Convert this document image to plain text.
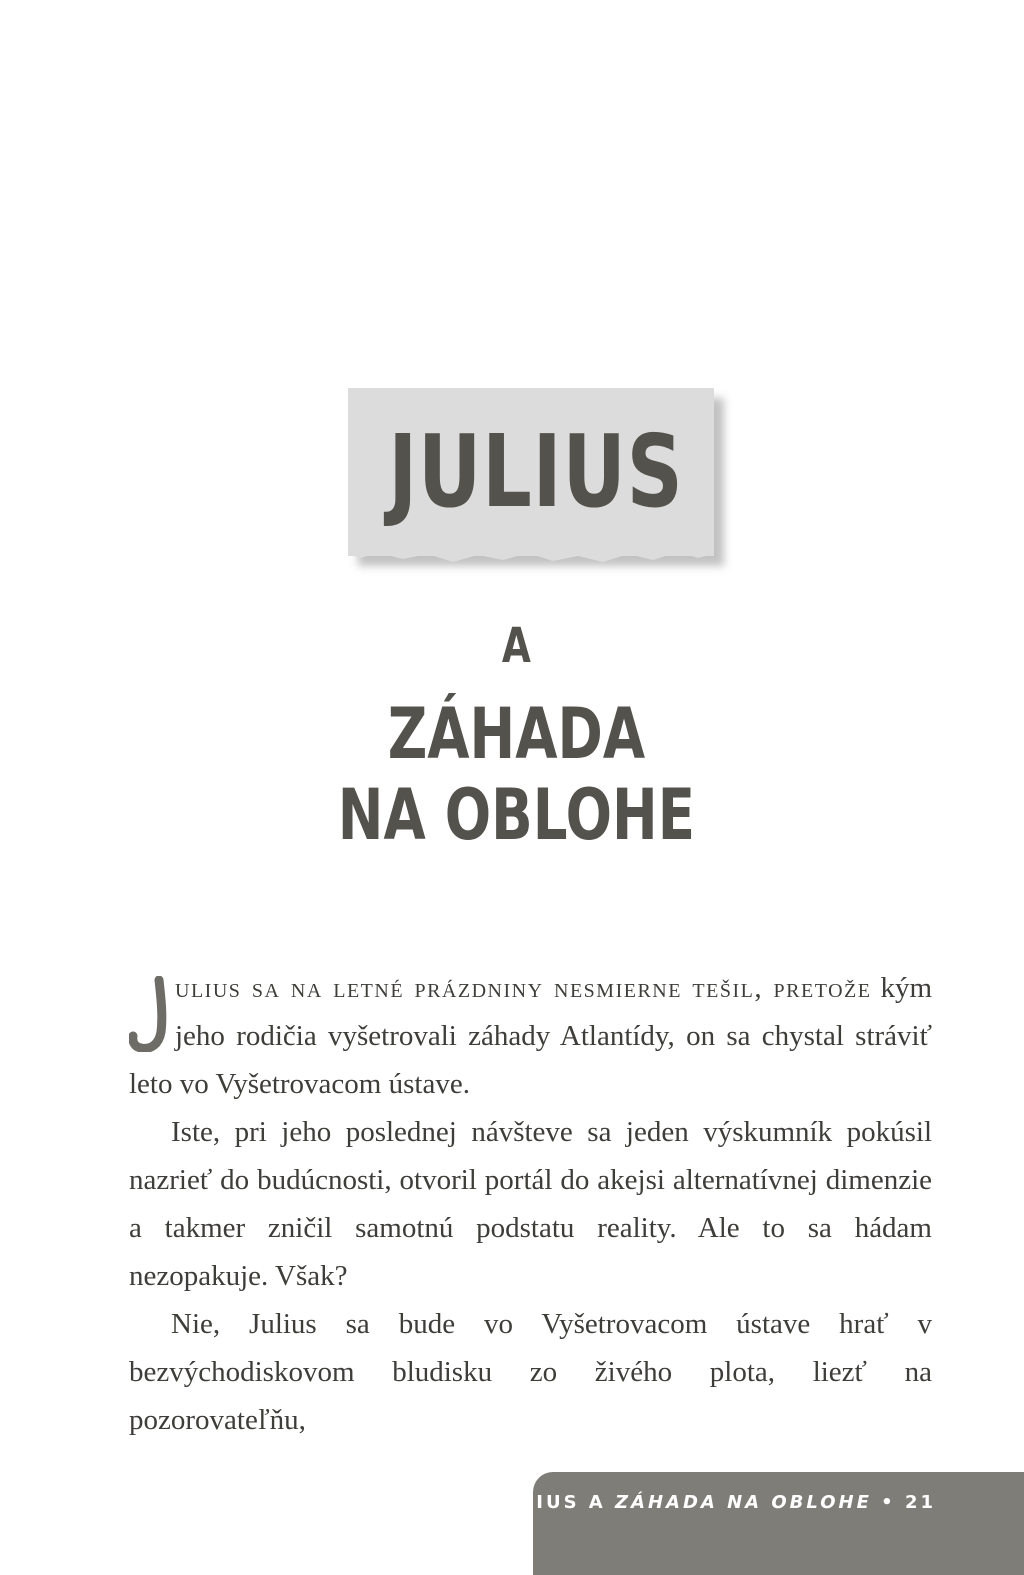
JULIUS
A
ZÁHADA
NA OBLOHE

ulius sa na letné prázdniny nesmierne tešil, pretože kým jeho rodičia vyšetrovali záhady Atlantídy, on sa chystal stráviť leto vo Vyšetrovacom ústave.

Iste, pri jeho poslednej návšteve sa jeden výskumník pokúsil nazrieť do budúcnosti, otvoril portál do akejsi alternatívnej dimenzie a takmer zničil samotnú podstatu reality. Ale to sa hádam nezopakuje. Však?

Nie, Julius sa bude vo Vyšetrovacom ústave hrať v bezvýchodiskovom bludisku zo živého plota, liezť na pozorovateľňu,

JULIUS A ZÁHADA NA OBLOHE • 21
